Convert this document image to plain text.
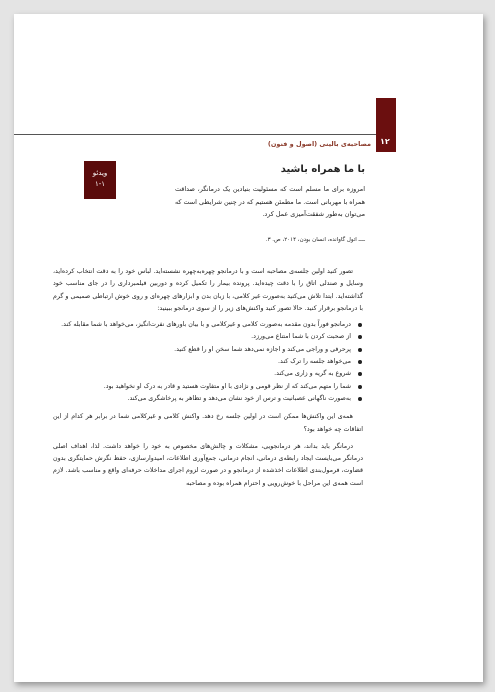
۱۲
مصاحبه‌ی بالینی (اصول و فنون)
ویدئو
۱-۱
با ما همراه باشید
امروزه برای ما مسلم است که مسئولیت بنیادین یک درمانگر، صداقت همراه با مهربانی است. ما مطمئن هستیم که در چنین شرایطی است که می‌توان به‌طور شفقت‌آمیزی عمل کرد.
ــــ اتول گاوانده، انسان بودن، ۲۰۱۴، ص. ۳.

تصور کنید اولین جلسه‌ی مصاحبه است و با درمانجو چهره‌به‌چهره نشسته‌اید. لباس خود را به دقت انتخاب کرده‌اید، وسایل و صندلی اتاق را با دقت چیده‌اید. پرونده بیمار را تکمیل کرده و دوربین فیلمبرداری را در جای مناسب خود گذاشته‌اید. ابتدا تلاش می‌کنید به‌صورت غیر کلامی، با زبان بدن و ابزارهای چهره‌ای و روی خوش ارتباطی صمیمی و گرم با درمانجو برقرار کنید. حالا تصور کنید واکنش‌های زیر را از سوی درمانجو ببینید:

درمانجو فوراً بدون مقدمه به‌صورت کلامی و غیرکلامی و با بیان باورهای نفرت‌انگیز، می‌خواهد با شما مقابله کند.
از صحبت کردن با شما امتناع می‌ورزد.
پرحرفی و وراجی می‌کند و اجازه نمی‌دهد شما سخن او را قطع کنید.
می‌خواهد جلسه را ترک کند.
شروع به گریه و زاری می‌کند.
شما را متهم می‌کند که از نظر قومی و نژادی با او متفاوت هستید و قادر به درک او نخواهید بود.
به‌صورت ناگهانی عصبانیت و ترس از خود نشان می‌دهد و تظاهر به پرخاشگری می‌کند.

همه‌ی این واکنش‌ها ممکن است در اولین جلسه رخ دهد. واکنش کلامی و غیرکلامی شما در برابر هر کدام از این اتفاقات چه خواهد بود؟

درمانگر باید بداند، هر درمانجویی، مشکلات و چالش‌های مخصوص به خود را خواهد داشت. لذا، اهداف اصلی درمانگر می‌بایست ایجاد رابطه‌ی درمانی، انجام درمانی، جمع‌آوری اطلاعات، امیدوارسازی، حفظ نگرش حمایتگری بدون قضاوت، فرمول‌بندی اطلاعات اخذشده از درمانجو و در صورت لزوم اجرای مداخلات حرفه‌ای واقع و مناسب باشد. لازم است همه‌ی این مراحل با خوش‌رویی و احترام همراه بوده و مصاحبه
